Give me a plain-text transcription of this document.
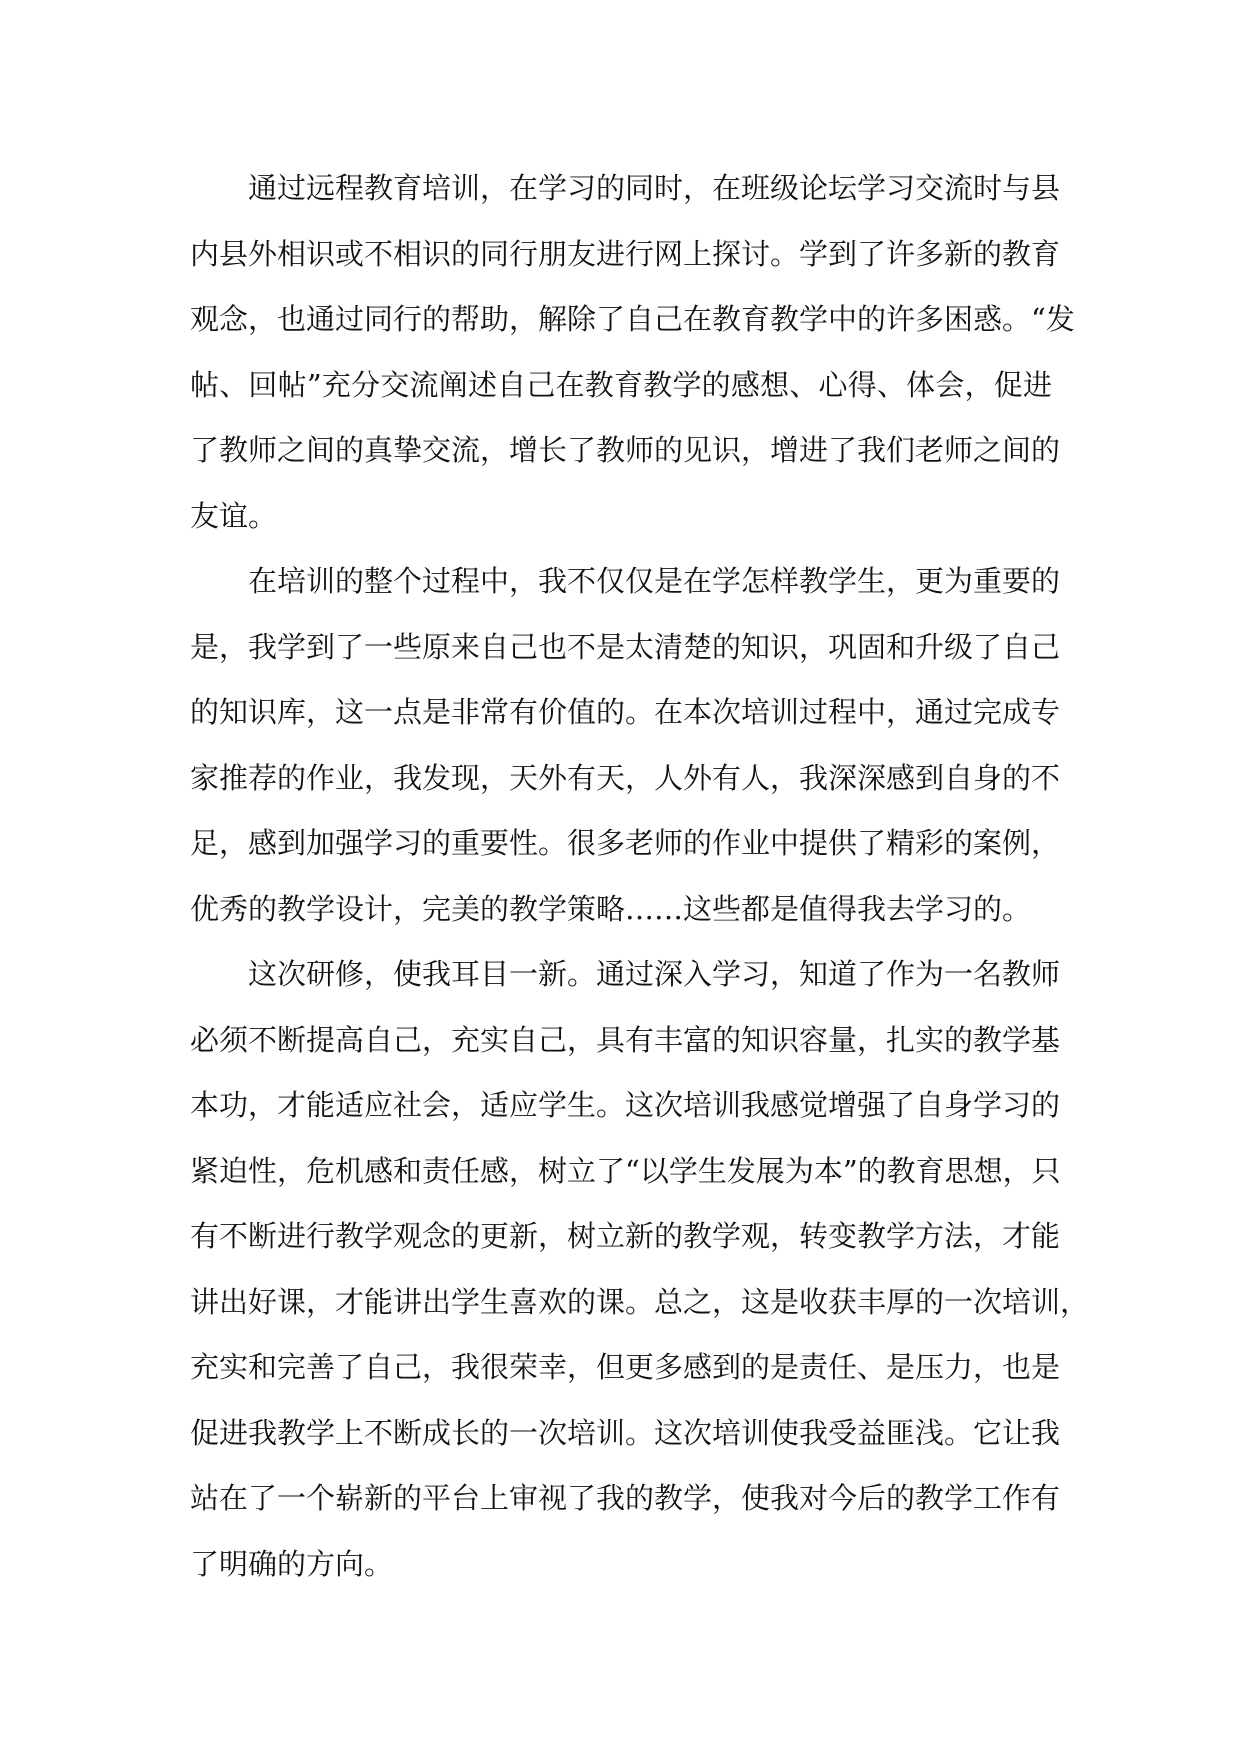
通过远程教育培训，在学习的同时，在班级论坛学习交流时与县
内县外相识或不相识的同行朋友进行网上探讨。学到了许多新的教育
观念，也通过同行的帮助，解除了自己在教育教学中的许多困惑。“发
帖、回帖”充分交流阐述自己在教育教学的感想、心得、体会，促进
了教师之间的真挚交流，增长了教师的见识，增进了我们老师之间的
友谊。

在培训的整个过程中，我不仅仅是在学怎样教学生，更为重要的
是，我学到了一些原来自己也不是太清楚的知识，巩固和升级了自己
的知识库，这一点是非常有价值的。在本次培训过程中，通过完成专
家推荐的作业，我发现，天外有天，人外有人，我深深感到自身的不
足，感到加强学习的重要性。很多老师的作业中提供了精彩的案例，
优秀的教学设计，完美的教学策略……这些都是值得我去学习的。

这次研修，使我耳目一新。通过深入学习，知道了作为一名教师
必须不断提高自己，充实自己，具有丰富的知识容量，扎实的教学基
本功，才能适应社会，适应学生。这次培训我感觉增强了自身学习的
紧迫性，危机感和责任感，树立了“以学生发展为本”的教育思想，只
有不断进行教学观念的更新，树立新的教学观，转变教学方法，才能
讲出好课，才能讲出学生喜欢的课。总之，这是收获丰厚的一次培训，
充实和完善了自己，我很荣幸，但更多感到的是责任、是压力，也是
促进我教学上不断成长的一次培训。这次培训使我受益匪浅。它让我
站在了一个崭新的平台上审视了我的教学，使我对今后的教学工作有
了明确的方向。
